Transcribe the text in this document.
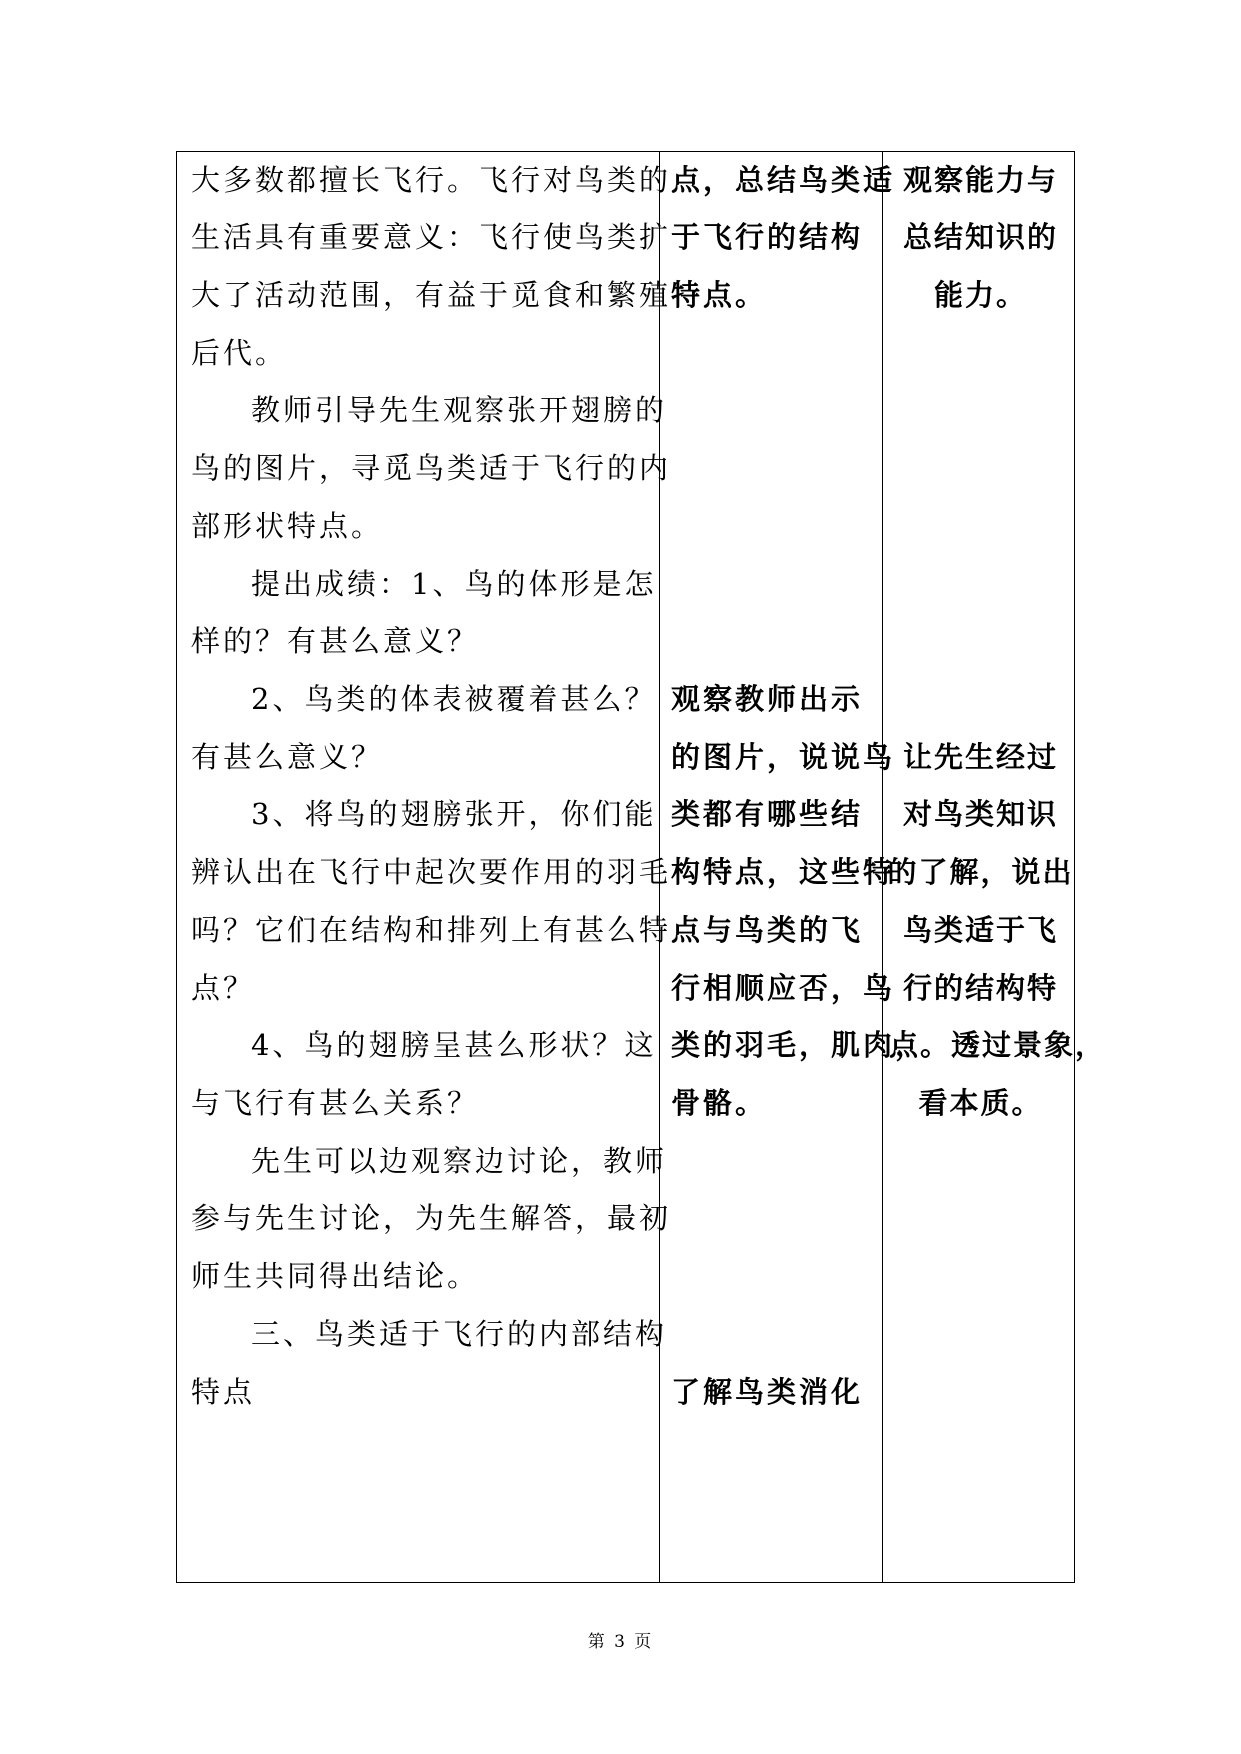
大多数都擅长飞行。飞行对鸟类的
生活具有重要意义：飞行使鸟类扩
大了活动范围，有益于觅食和繁殖
后代。
教师引导先生观察张开翅膀的
鸟的图片，寻觅鸟类适于飞行的内
部形状特点。
提出成绩：1、鸟的体形是怎
样的？有甚么意义？
2、鸟类的体表被覆着甚么？
有甚么意义？
3、将鸟的翅膀张开，你们能
辨认出在飞行中起次要作用的羽毛
吗？它们在结构和排列上有甚么特
点？
4、鸟的翅膀呈甚么形状？这
与飞行有甚么关系？
先生可以边观察边讨论，教师
参与先生讨论，为先生解答，最初
师生共同得出结论。
三、鸟类适于飞行的内部结构
特点
点，总结鸟类适
于飞行的结构
特点。
观察教师出示
的图片，说说鸟
类都有哪些结
构特点，这些特
点与鸟类的飞
行相顺应否，鸟
类的羽毛，肌肉，
骨骼。
了解鸟类消化
观察能力与
总结知识的
能力。
让先生经过
对鸟类知识
的了解，说出
鸟类适于飞
行的结构特
点。透过景象，
看本质。
第 3 页
